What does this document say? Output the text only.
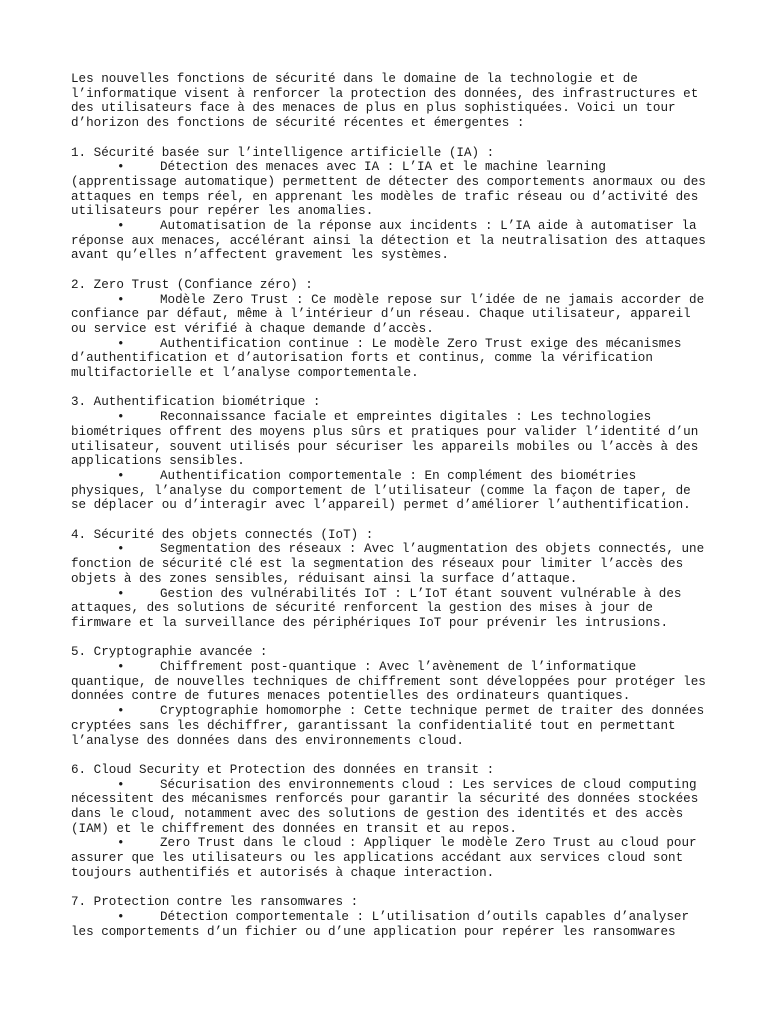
Les nouvelles fonctions de sécurité dans le domaine de la technologie et de l’informatique visent à renforcer la protection des données, des infrastructures et des utilisateurs face à des menaces de plus en plus sophistiquées. Voici un tour d’horizon des fonctions de sécurité récentes et émergentes :

1. Sécurité basée sur l’intelligence artificielle (IA) :

•	Détection des menaces avec IA : L’IA et le machine learning (apprentissage automatique) permettent de détecter des comportements anormaux ou des attaques en temps réel, en apprenant les modèles de trafic réseau ou d’activité des utilisateurs pour repérer les anomalies.

•	Automatisation de la réponse aux incidents : L’IA aide à automatiser la réponse aux menaces, accélérant ainsi la détection et la neutralisation des attaques avant qu’elles n’affectent gravement les systèmes.

2. Zero Trust (Confiance zéro) :

•	Modèle Zero Trust : Ce modèle repose sur l’idée de ne jamais accorder de confiance par défaut, même à l’intérieur d’un réseau. Chaque utilisateur, appareil ou service est vérifié à chaque demande d’accès.

•	Authentification continue : Le modèle Zero Trust exige des mécanismes d’authentification et d’autorisation forts et continus, comme la vérification multifactorielle et l’analyse comportementale.

3. Authentification biométrique :

•	Reconnaissance faciale et empreintes digitales : Les technologies biométriques offrent des moyens plus sûrs et pratiques pour valider l’identité d’un utilisateur, souvent utilisés pour sécuriser les appareils mobiles ou l’accès à des applications sensibles.

•	Authentification comportementale : En complément des biométries physiques, l’analyse du comportement de l’utilisateur (comme la façon de taper, de se déplacer ou d’interagir avec l’appareil) permet d’améliorer l’authentification.

4. Sécurité des objets connectés (IoT) :

•	Segmentation des réseaux : Avec l’augmentation des objets connectés, une fonction de sécurité clé est la segmentation des réseaux pour limiter l’accès des objets à des zones sensibles, réduisant ainsi la surface d’attaque.

•	Gestion des vulnérabilités IoT : L’IoT étant souvent vulnérable à des attaques, des solutions de sécurité renforcent la gestion des mises à jour de firmware et la surveillance des périphériques IoT pour prévenir les intrusions.

5. Cryptographie avancée :

•	Chiffrement post-quantique : Avec l’avènement de l’informatique quantique, de nouvelles techniques de chiffrement sont développées pour protéger les données contre de futures menaces potentielles des ordinateurs quantiques.

•	Cryptographie homomorphe : Cette technique permet de traiter des données cryptées sans les déchiffrer, garantissant la confidentialité tout en permettant l’analyse des données dans des environnements cloud.

6. Cloud Security et Protection des données en transit :

•	Sécurisation des environnements cloud : Les services de cloud computing nécessitent des mécanismes renforcés pour garantir la sécurité des données stockées dans le cloud, notamment avec des solutions de gestion des identités et des accès (IAM) et le chiffrement des données en transit et au repos.

•	Zero Trust dans le cloud : Appliquer le modèle Zero Trust au cloud pour assurer que les utilisateurs ou les applications accédant aux services cloud sont toujours authentifiés et autorisés à chaque interaction.

7. Protection contre les ransomwares :

•	Détection comportementale : L’utilisation d’outils capables d’analyser les comportements d’un fichier ou d’une application pour repérer les ransomwares
